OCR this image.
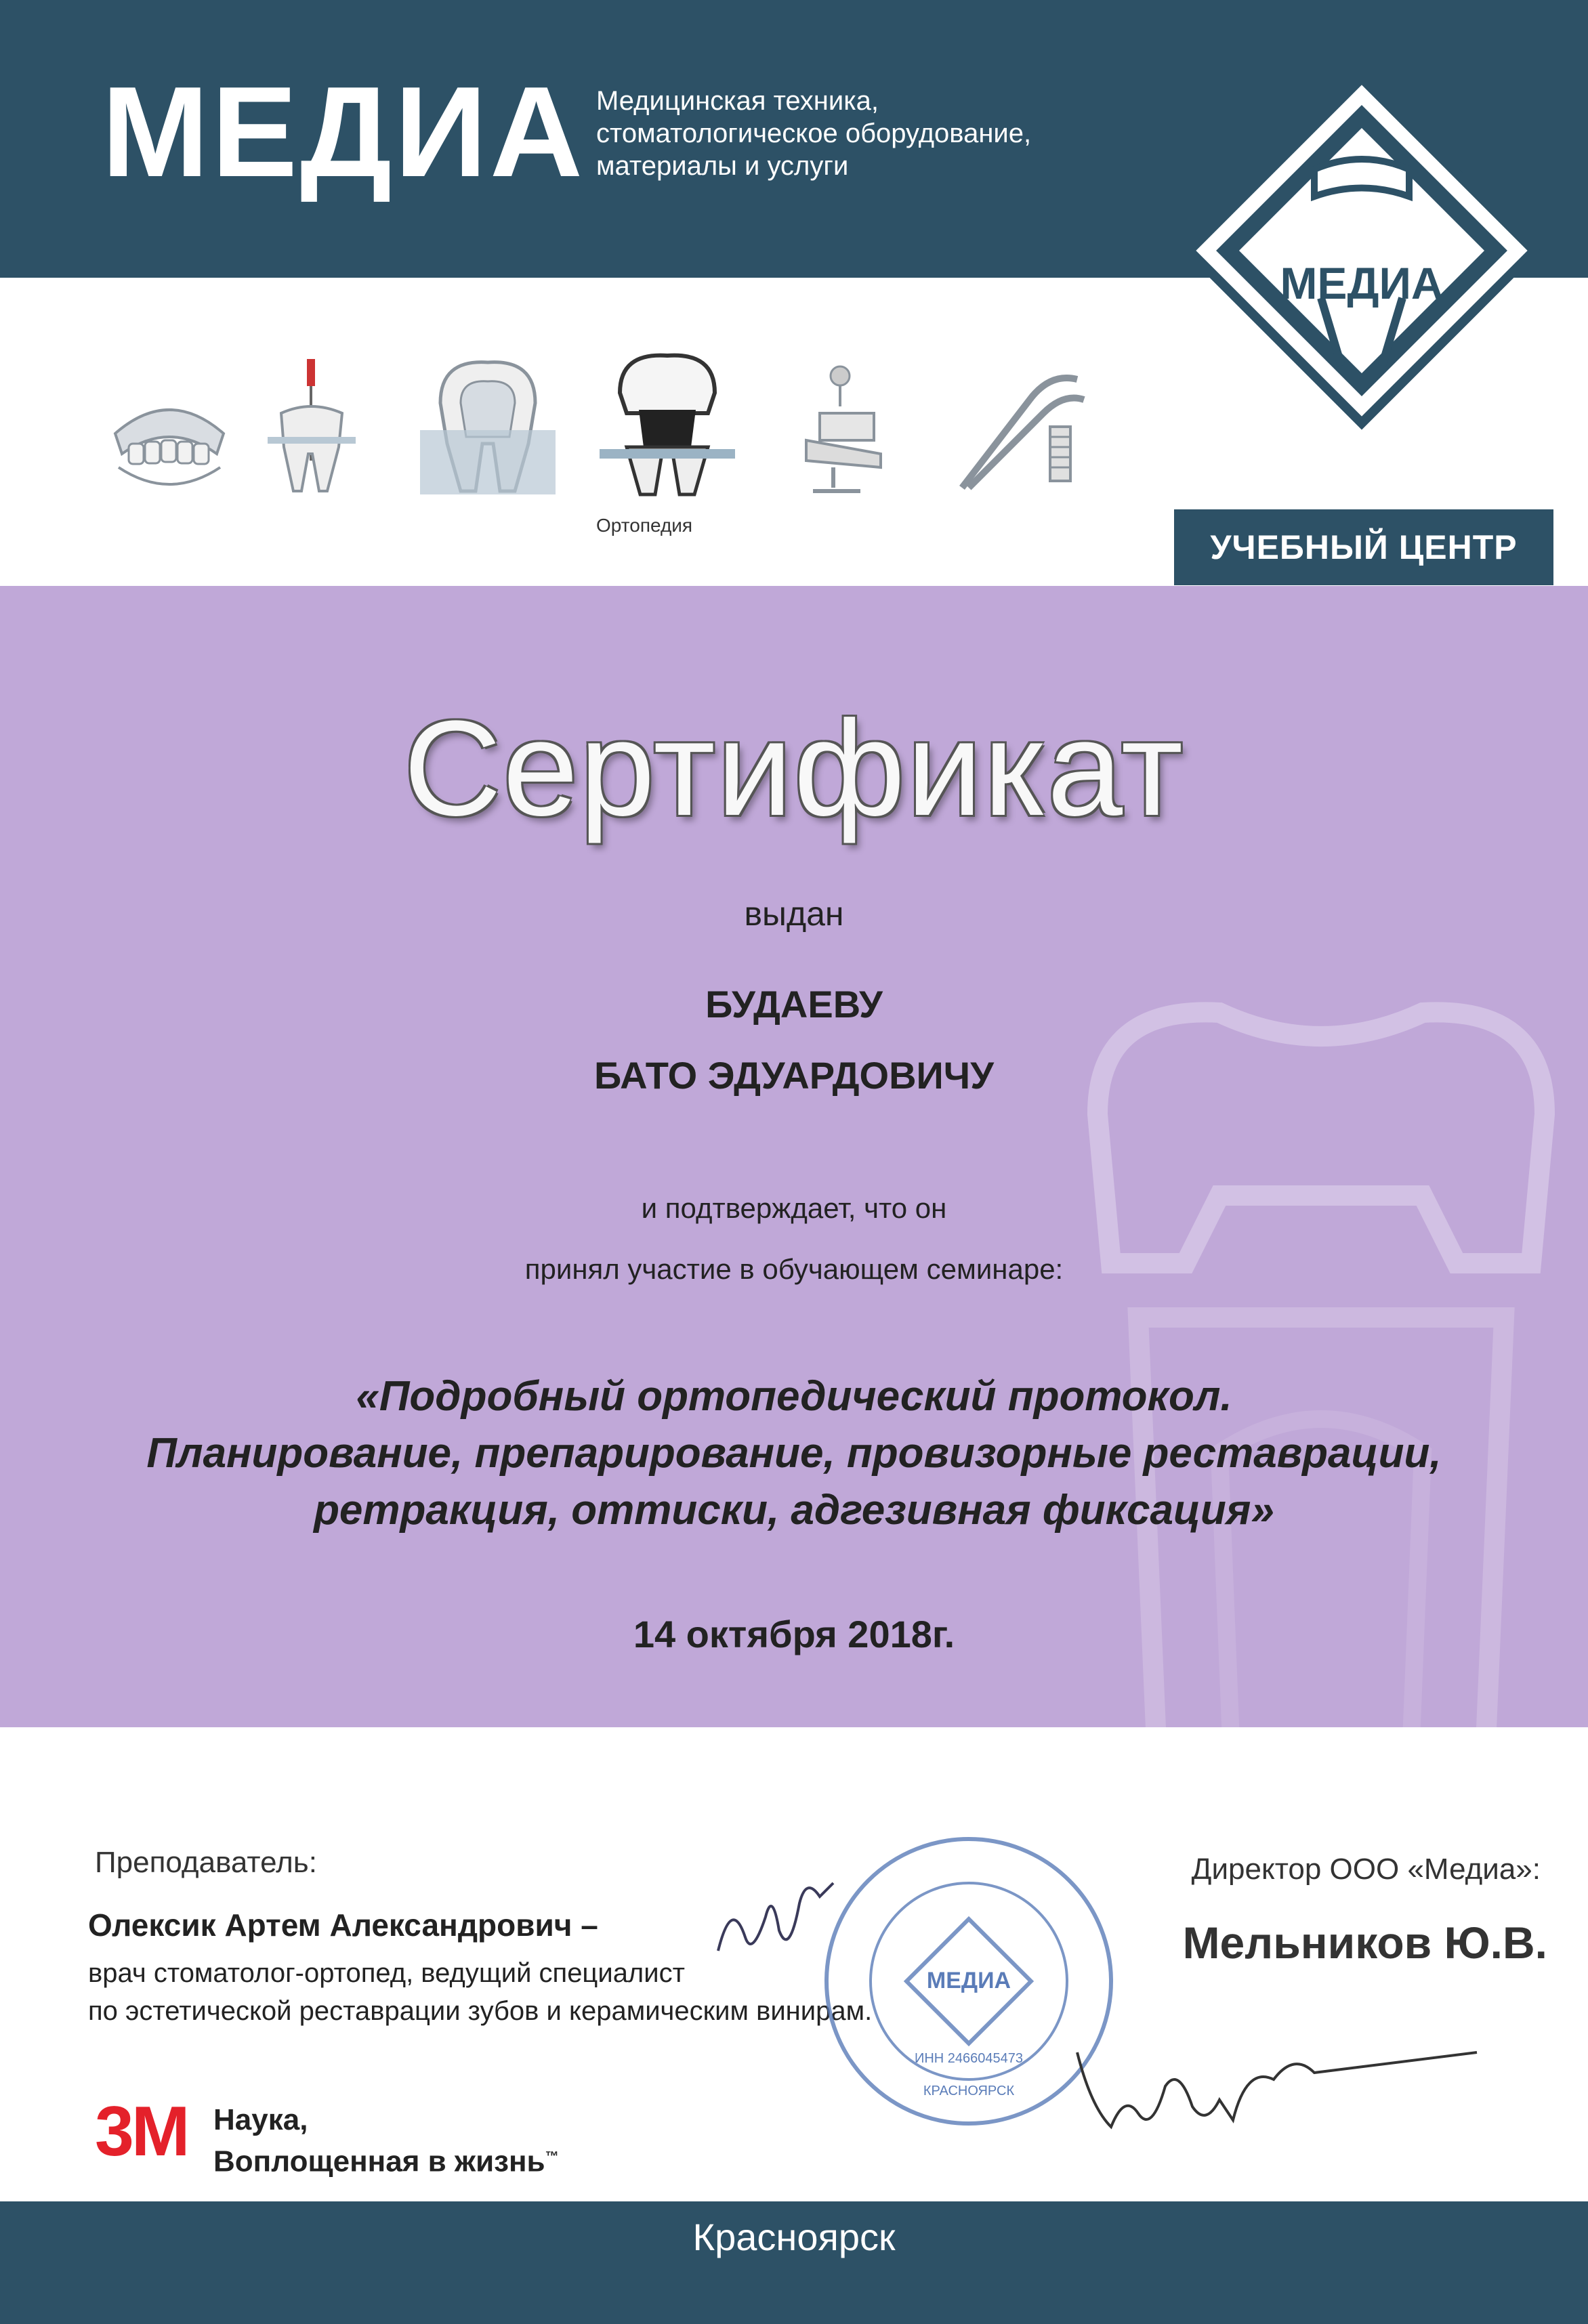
МЕДИА Медицинская техника,
стоматологическое оборудование,
материалы и услуги
Ортопедия
МЕДИА
УЧЕБНЫЙ ЦЕНТР
Сертификат
выдан
БУДАЕВУ
БАТО ЭДУАРДОВИЧУ
и подтверждает, что он
принял участие в обучающем семинаре:
«Подробный ортопедический протокол.
Планирование, препарирование, провизорные реставрации,
ретракция, оттиски, адгезивная фиксация»
14 октября 2018г.
Преподаватель:
Олексик Артем Александрович –
врач стоматолог-ортопед, ведущий специалист
по эстетической реставрации зубов и керамическим винирам.
Директор ООО «Медиа»:
Мельников Ю.В.
МЕДИА
ИНН 2466045473
КРАСНОЯРСК
3M Наука,
Воплощенная в жизнь™
Красноярск
